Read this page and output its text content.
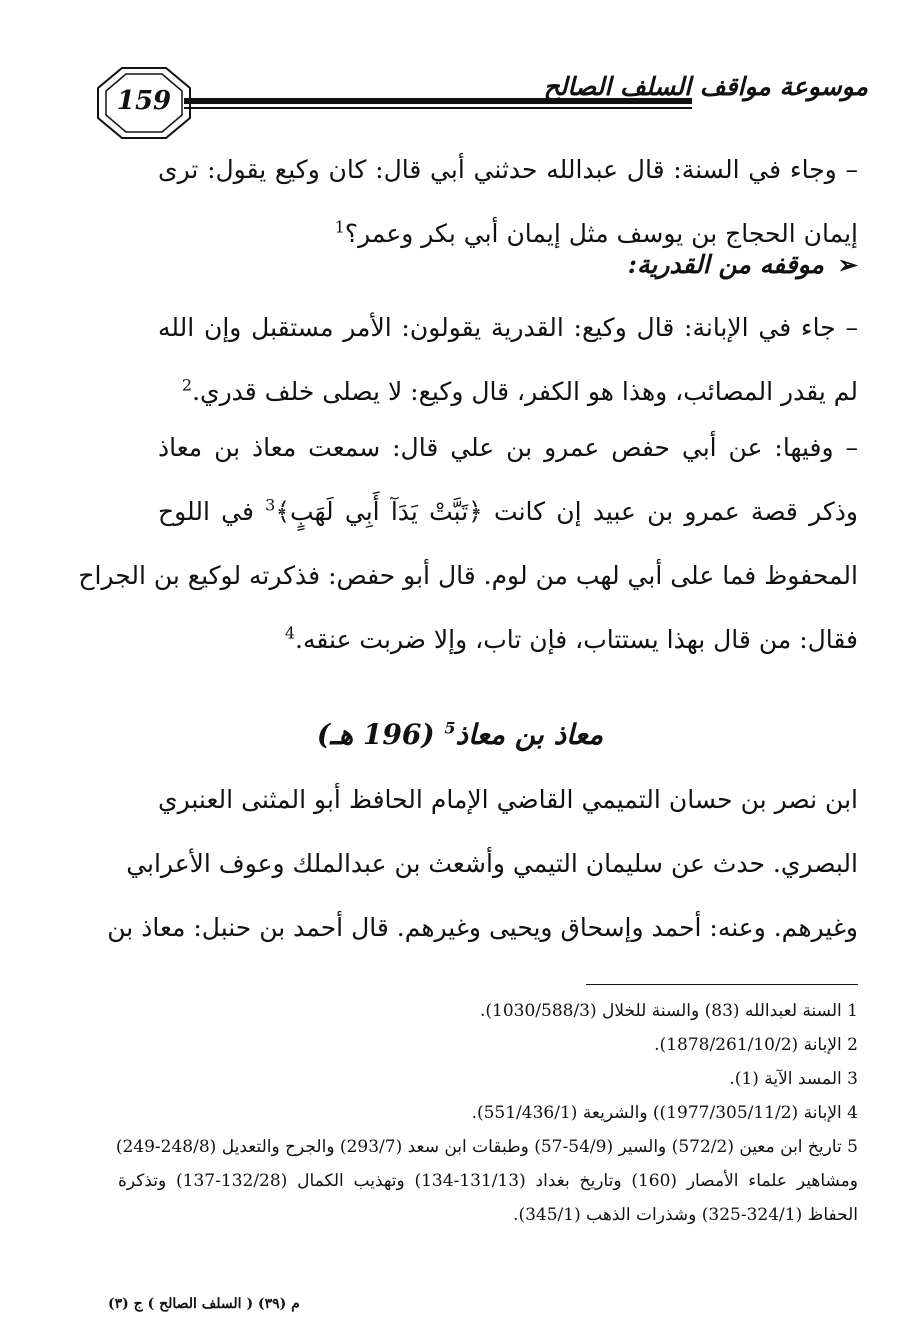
159	موسوعة مواقف السلف الصالح
– وجاء في السنة: قال عبدالله حدثني أبي قال: كان وكيع يقول: ترى
إيمان الحجاج بن يوسف مثل إيمان أبي بكر وعمر؟$^1$
➢موقفه من القدرية:
– جاء في الإبانة: قال وكيع: القدرية يقولون: الأمر مستقبل وإن الله
لم يقدر المصائب، وهذا هو الكفر، قال وكيع: لا يصلى خلف قدري.$^2$
– وفيها: عن أبي حفص عمرو بن علي قال: سمعت معاذ بن معاذ
وذكر قصة عمرو بن عبيد إن كانت ﴿تَبَّتْ يَدَآ أَبِي لَهَبٍ﴾$^3$ في اللوح
المحفوظ فما على أبي لهب من لوم. قال أبو حفص: فذكرته لوكيع بن الجراح
فقال: من قال بهذا يستتاب، فإن تاب، وإلا ضربت عنقه.$^4$
معاذ بن معاذ$^5$ (196 هـ)
ابن نصر بن حسان التميمي القاضي الإمام الحافظ أبو المثنى العنبري
البصري. حدث عن سليمان التيمي وأشعث بن عبدالملك وعوف الأعرابي
وغيرهم. وعنه: أحمد وإسحاق ويحيى وغيرهم. قال أحمد بن حنبل: معاذ بن
1 السنة لعبدالله (83) والسنة للخلال (1030/588/3).
2 الإبانة (1878/261/10/2).
3 المسد الآية (1).
4 الإبانة (1977/305/11/2)) والشريعة (551/436/1).
5 تاريخ ابن معين (572/2) والسير (54/9-57) وطبقات ابن سعد (293/7) والجرح والتعديل (248/8-249)
ومشاهير علماء الأمصار (160) وتاريخ بغداد (131/13-134) وتهذيب الكمال (132/28-137) وتذكرة
الحفاظ (324/1-325) وشذرات الذهب (345/1).
م (٣٩) ( السلف الصالح ) ج (٣)
